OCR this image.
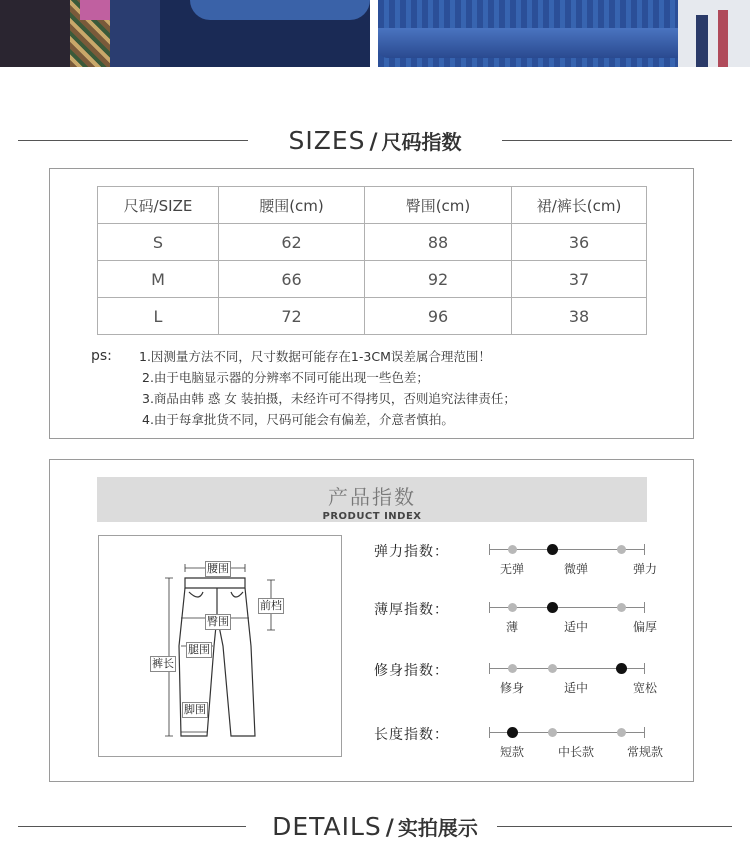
SIZES / 尺码指数
尺码/SIZE	腰围(cm)	臀围(cm)	裙/裤长(cm)
S	62	88	36
M	66	92	37
L	72	96	38
ps: 1.因测量方法不同，尺寸数据可能存在1-3CM误差属合理范围！
2.由于电脑显示器的分辨率不同可能出现一些色差；
3.商品由韩 惑 女 装拍摄，未经许可不得拷贝，否则追究法律责任；
4.由于每拿批货不同，尺码可能会有偏差，介意者慎拍。
产品指数
PRODUCT INDEX
腰围
前档
臀围
腿围
裤长
脚围
弹力指数：
无弹	微弹	弹力
薄厚指数：
薄	适中	偏厚
修身指数：
修身	适中	宽松
长度指数：
短款	中长款	常规款
DETAILS / 实拍展示
